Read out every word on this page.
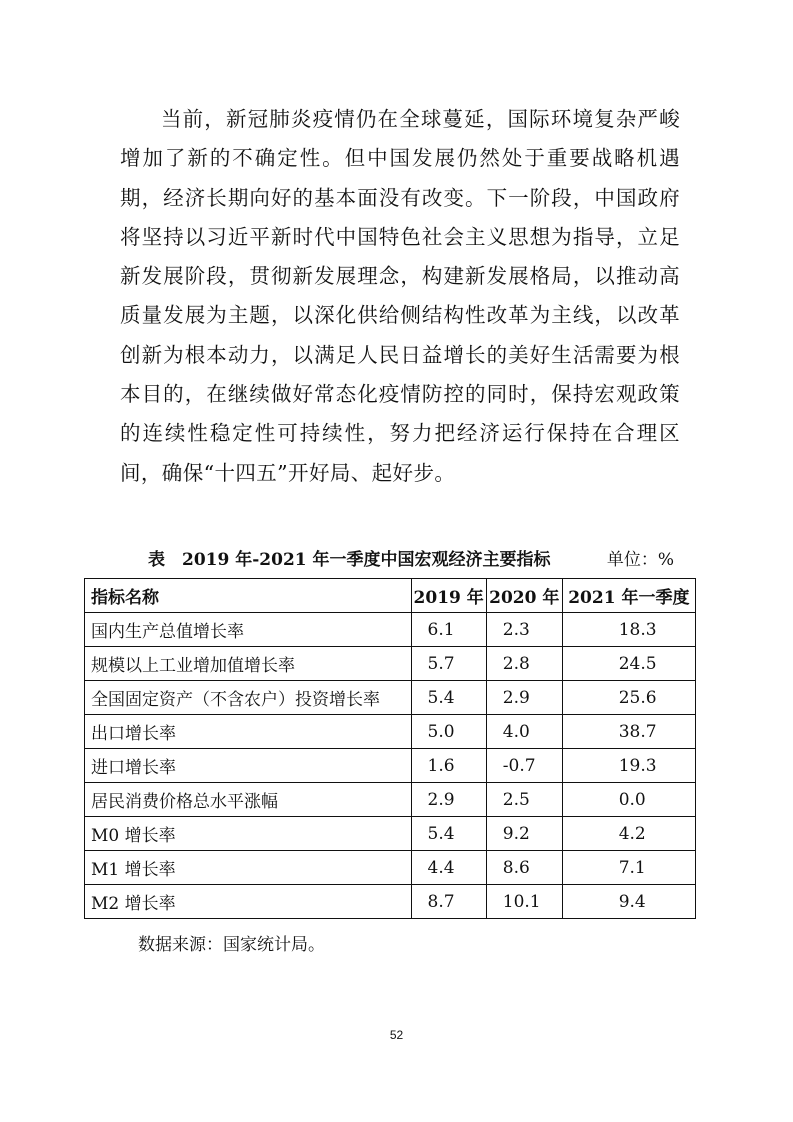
当前，新冠肺炎疫情仍在全球蔓延，国际环境复杂严峻增加了新的不确定性。但中国发展仍然处于重要战略机遇期，经济长期向好的基本面没有改变。下一阶段，中国政府将坚持以习近平新时代中国特色社会主义思想为指导，立足新发展阶段，贯彻新发展理念，构建新发展格局，以推动高质量发展为主题，以深化供给侧结构性改革为主线，以改革创新为根本动力，以满足人民日益增长的美好生活需要为根本目的，在继续做好常态化疫情防控的同时，保持宏观政策的连续性稳定性可持续性，努力把经济运行保持在合理区间，确保“十四五”开好局、起好步。

表　2019 年-2021 年一季度中国宏观经济主要指标	单位：%
指标名称	2019 年	2020 年	2021 年一季度
国内生产总值增长率	6.1	2.3	18.3
规模以上工业增加值增长率	5.7	2.8	24.5
全国固定资产（不含农户）投资增长率	5.4	2.9	25.6
出口增长率	5.0	4.0	38.7
进口增长率	1.6	-0.7	19.3
居民消费价格总水平涨幅	2.9	2.5	0.0
M0 增长率	5.4	9.2	4.2
M1 增长率	4.4	8.6	7.1
M2 增长率	8.7	10.1	9.4
数据来源：国家统计局。
52
